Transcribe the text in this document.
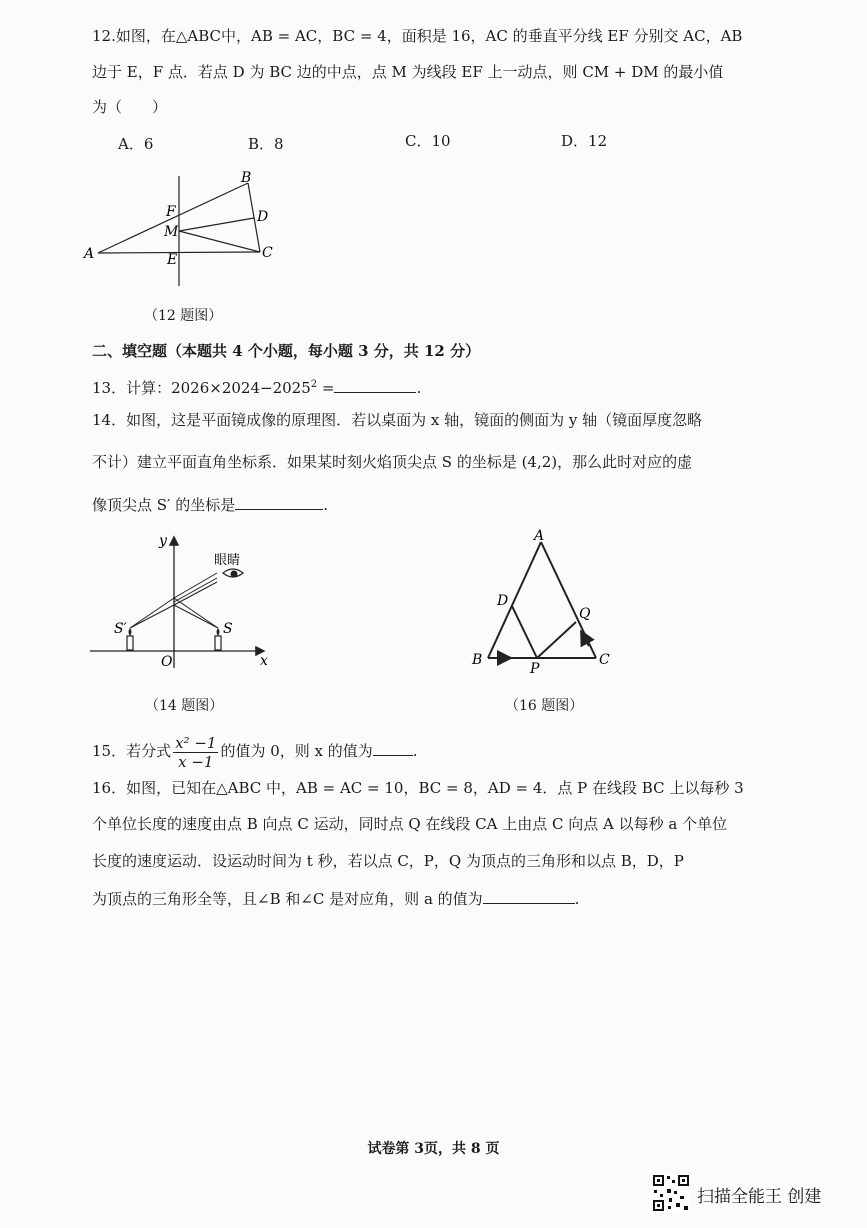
12.如图，在△ABC中，AB = AC，BC = 4，面积是 16，AC 的垂直平分线 EF 分别交 AC，AB
边于 E，F 点．若点 D 为 BC 边的中点，点 M 为线段 EF 上一动点，则 CM + DM 的最小值
为（　　）
A．6	B．8	C．10	D．12
A
B
C
D
E
F
M
（12 题图）
二、填空题（本题共 4 个小题，每小题 3 分，共 12 分）
13．计算：$2026\times 2024-2025^2$ =	.
14．如图，这是平面镜成像的原理图．若以桌面为 x 轴，镜面的侧面为 y 轴（镜面厚度忽略
不计）建立平面直角坐标系．如果某时刻火焰顶尖点 S 的坐标是 (4,2)，那么此时对应的虚
像顶尖点 S′ 的坐标是	.
y
x
O
眼睛
S′	S
（14 题图）
A
B	C
D
P
Q
（16 题图）
15．若分式 $\frac{\text{x² −1}}{x -1}$ 的值为 0，则 x 的值为	.
16．如图，已知在△ABC 中，AB = AC = 10，BC = 8，AD = 4．点 P 在线段 BC 上以每秒 3
个单位长度的速度由点 B 向点 C 运动，同时点 Q 在线段 CA 上由点 C 向点 A 以每秒 a 个单位
长度的速度运动．设运动时间为 t 秒，若以点 C，P，Q 为顶点的三角形和以点 B，D，P
为顶点的三角形全等，且∠B 和∠C 是对应角，则 a 的值为	.
试卷第 3页，共 8 页
扫描全能王 创建
